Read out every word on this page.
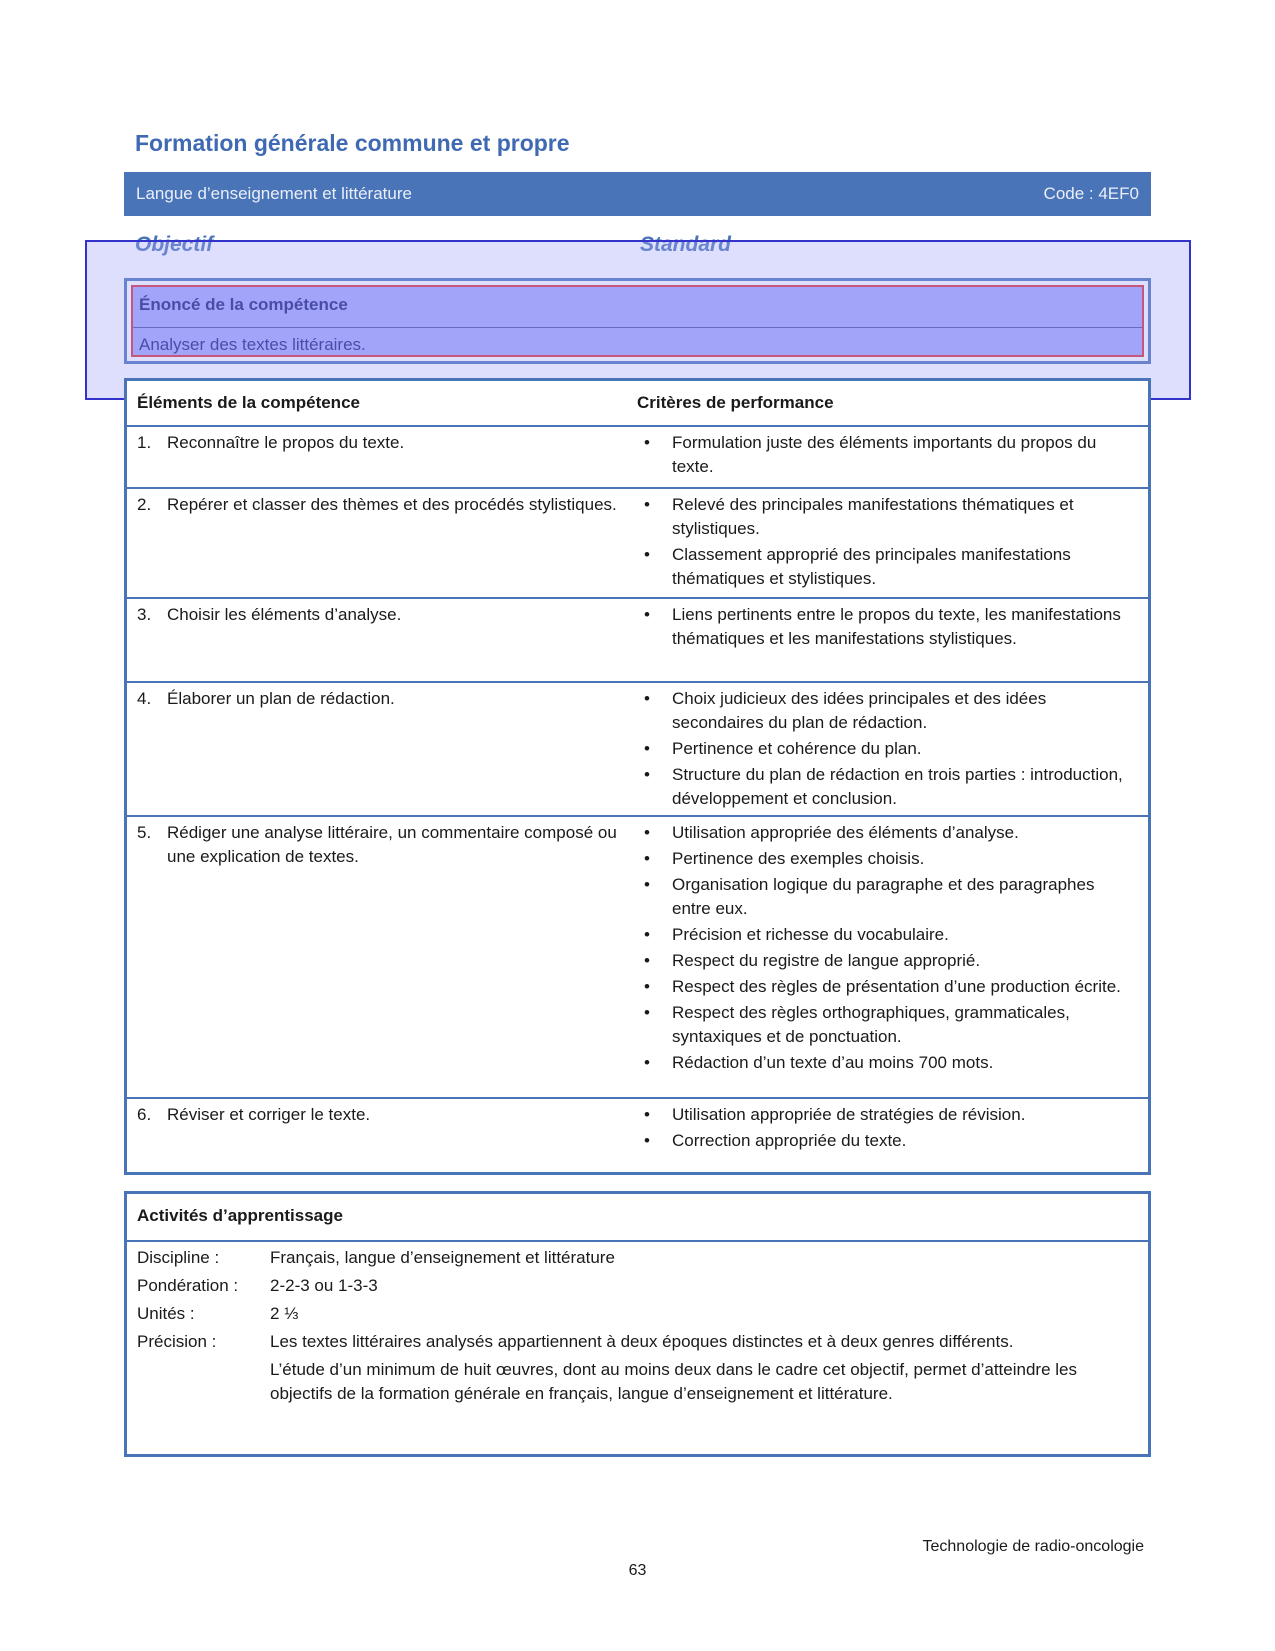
Formation générale commune et propre
Langue d’enseignement et littérature	Code : 4EF0
Objectif	Standard
Énoncé de la compétence
Analyser des textes littéraires.
Éléments de la compétence	Critères de performance
1. Reconnaître le propos du texte.	• Formulation juste des éléments importants du propos du texte.
2. Repérer et classer des thèmes et des procédés stylistiques.	• Relevé des principales manifestations thématiques et stylistiques.
• Classement approprié des principales manifestations thématiques et stylistiques.
3. Choisir les éléments d’analyse.	• Liens pertinents entre le propos du texte, les manifestations thématiques et les manifestations stylistiques.
4. Élaborer un plan de rédaction.	• Choix judicieux des idées principales et des idées secondaires du plan de rédaction.
• Pertinence et cohérence du plan.
• Structure du plan de rédaction en trois parties : introduction, développement et conclusion.
5. Rédiger une analyse littéraire, un commentaire composé ou une explication de textes.
• Utilisation appropriée des éléments d’analyse.
• Pertinence des exemples choisis.
• Organisation logique du paragraphe et des paragraphes entre eux.
• Précision et richesse du vocabulaire.
• Respect du registre de langue approprié.
• Respect des règles de présentation d’une production écrite.
• Respect des règles orthographiques, grammaticales, syntaxiques et de ponctuation.
• Rédaction d’un texte d’au moins 700 mots.
6. Réviser et corriger le texte.	• Utilisation appropriée de stratégies de révision.
• Correction appropriée du texte.
Activités d’apprentissage
Discipline :	Français, langue d’enseignement et littérature
Pondération :	2-2-3 ou 1-3-3
Unités :	2 ⅓
Précision :	Les textes littéraires analysés appartiennent à deux époques distinctes et à deux genres différents.
L’étude d’un minimum de huit œuvres, dont au moins deux dans le cadre cet objectif, permet d’atteindre les objectifs de la formation générale en français, langue d’enseignement et littérature.
Technologie de radio-oncologie
63
